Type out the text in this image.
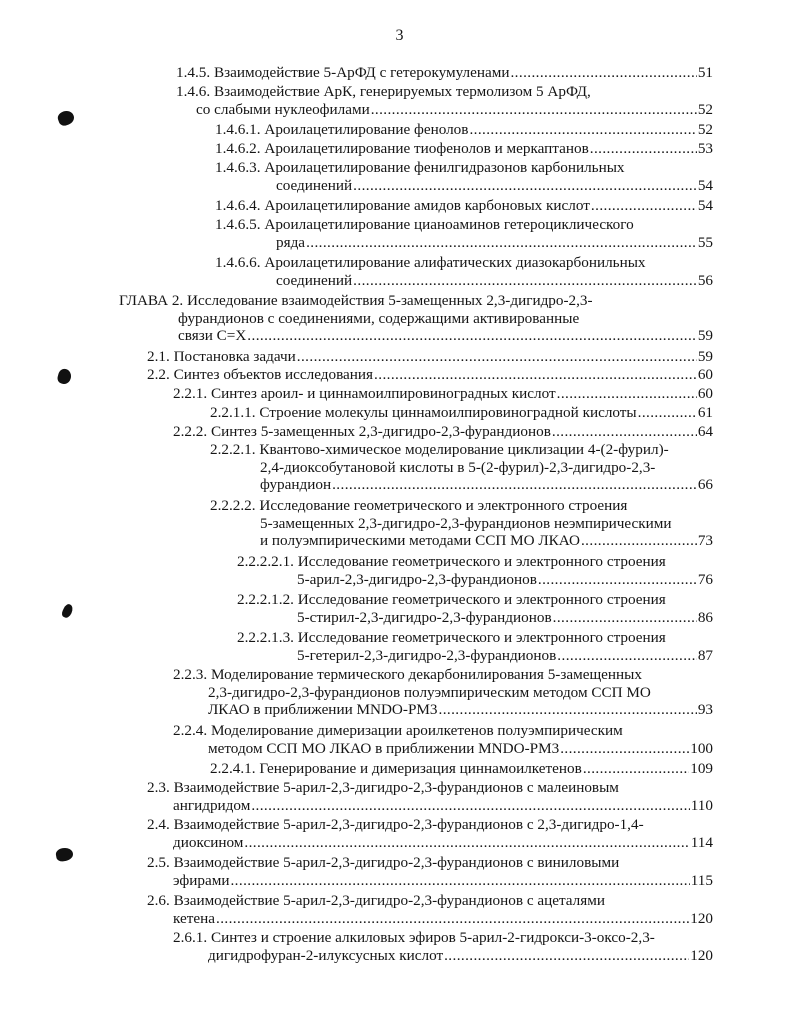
3
1.4.5. Взаимодействие 5-АрФД с гетерокумуленами .....	51
1.4.6. Взаимодействие АрК, генерируемых термолизом 5 АрФД,
со слабыми нуклеофилами .....	52
1.4.6.1. Ароилацетилирование фенолов .....	52
1.4.6.2. Ароилацетилирование тиофенолов и меркаптанов .....	53
1.4.6.3. Ароилацетилирование фенилгидразонов карбонильных
соединений .....	54
1.4.6.4. Ароилацетилирование амидов карбоновых кислот .....	54
1.4.6.5. Ароилацетилирование цианоаминов гетероциклического
ряда .....	55
1.4.6.6. Ароилацетилирование алифатических диазокарбонильных
соединений .....	56
ГЛАВА 2. Исследование взаимодействия 5-замещенных 2,3-дигидро-2,3-
фурандионов с соединениями, содержащими активированные
связи С=Х .....	59
2.1. Постановка задачи .....	59
2.2. Синтез объектов исследования .....	60
2.2.1. Синтез ароил- и циннамоилпировиноградных кислот .....	60
2.2.1.1. Строение молекулы циннамоилпировиноградной кислоты .....	61
2.2.2. Синтез 5-замещенных 2,3-дигидро-2,3-фурандионов .....	64
2.2.2.1. Квантово-химическое моделирование циклизации 4-(2-фурил)-
2,4-диоксобутановой кислоты в 5-(2-фурил)-2,3-дигидро-2,3-
фурандион .....	66
2.2.2.2. Исследование геометрического и электронного строения
5-замещенных 2,3-дигидро-2,3-фурандионов неэмпирическими
и полуэмпирическими методами ССП МО ЛКАО .....	73
2.2.2.2.1. Исследование геометрического и электронного строения
5-арил-2,3-дигидро-2,3-фурандионов .....	76
2.2.2.1.2. Исследование геометрического и электронного строения
5-стирил-2,3-дигидро-2,3-фурандионов .....	86
2.2.2.1.3. Исследование геометрического и электронного строения
5-гетерил-2,3-дигидро-2,3-фурандионов .....	87
2.2.3. Моделирование термического декарбонилирования 5-замещенных
2,3-дигидро-2,3-фурандионов полуэмпирическим методом ССП МО
ЛКАО в приближении MNDO-PM3 .....	93
2.2.4. Моделирование димеризации ароилкетенов полуэмпирическим
методом ССП МО ЛКАО в приближении MNDO-PM3 .....	100
2.2.4.1. Генерирование и димеризация циннамоилкетенов .....	109
2.3. Взаимодействие 5-арил-2,3-дигидро-2,3-фурандионов с малеиновым
ангидридом .....	110
2.4. Взаимодействие 5-арил-2,3-дигидро-2,3-фурандионов с 2,3-дигидро-1,4-
диоксином .....	114
2.5. Взаимодействие 5-арил-2,3-дигидро-2,3-фурандионов с виниловыми
эфирами .....	115
2.6. Взаимодействие 5-арил-2,3-дигидро-2,3-фурандионов с ацеталями
кетена .....	120
2.6.1. Синтез и строение алкиловых эфиров 5-арил-2-гидрокси-3-оксо-2,3-
дигидрофуран-2-илуксусных кислот .....	120
